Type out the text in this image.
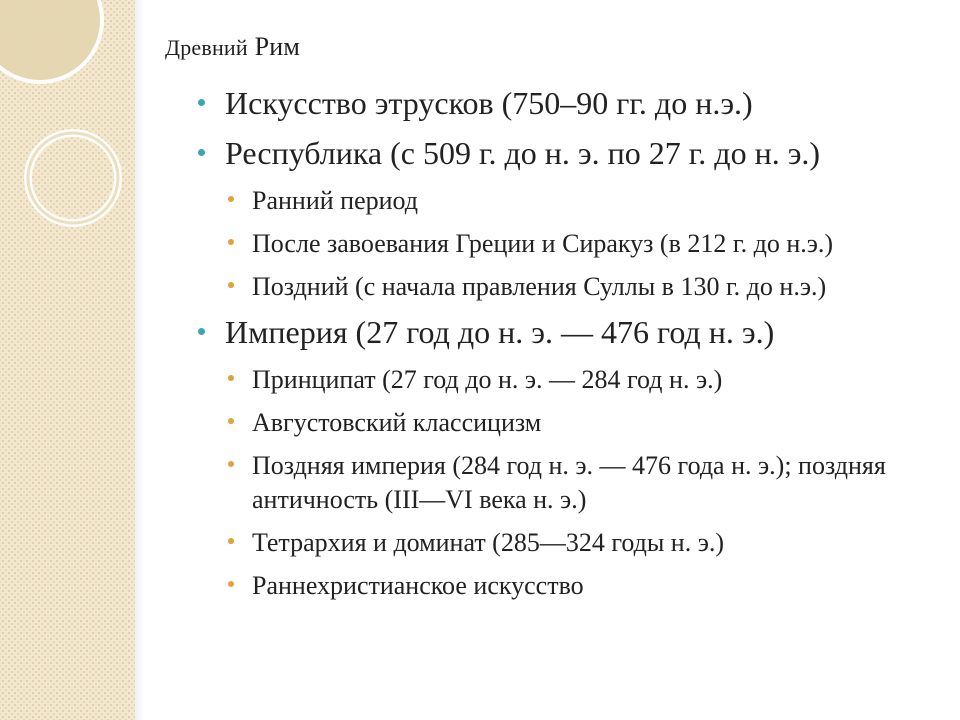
Древний Рим
Искусство этрусков (750–90 гг. до н.э.)
Республика (с 509 г. до н. э. по 27 г. до н. э.)
Ранний период
После завоевания Греции и Сиракуз (в 212 г. до н.э.)
Поздний (с начала правления Суллы в 130 г. до н.э.)
Империя (27 год до н. э. — 476 год н. э.)
Принципат (27 год до н. э. — 284 год н. э.)
Августовский классицизм
Поздняя империя (284 год н. э. — 476 года н. э.); поздняя античность (III—VI века н. э.)
Тетрархия и доминат (285—324 годы н. э.)
Раннехристианское искусство
